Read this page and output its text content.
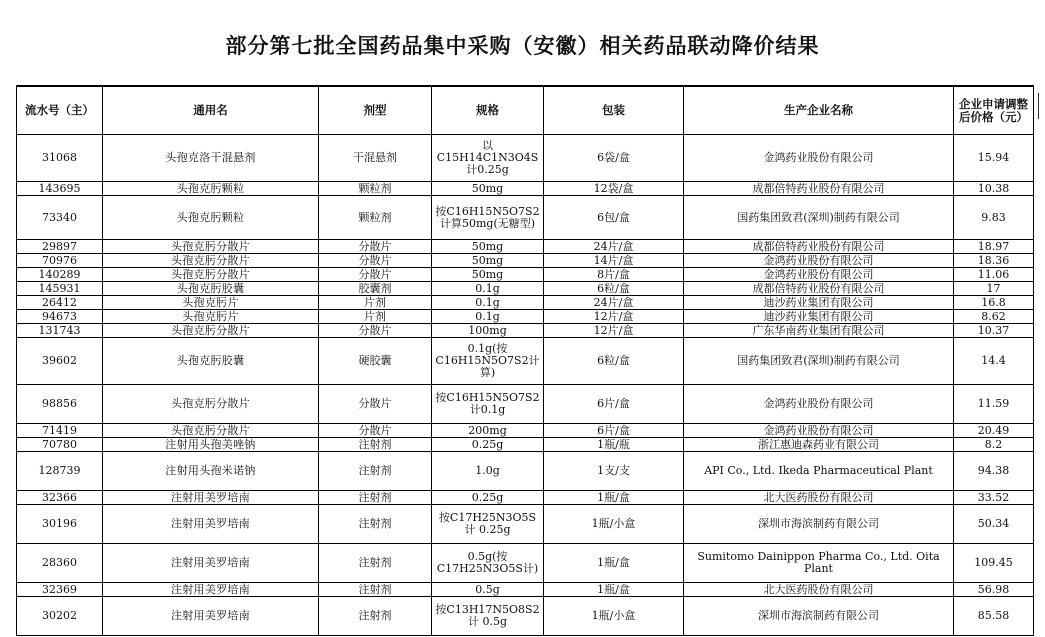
部分第七批全国药品集中采购（安徽）相关药品联动降价结果
流水号（主）	通用名	剂型	规格	包装	生产企业名称	企业申请调整后价格（元）
31068	头孢克洛干混悬剂	干混悬剂	以C15H14C1N3O4S计0.25g	6袋/盒	金鸿药业股份有限公司	15.94
143695	头孢克肟颗粒	颗粒剂	50mg	12袋/盒	成都倍特药业股份有限公司	10.38
73340	头孢克肟颗粒	颗粒剂	按C16H15N5O7S2计算50mg(无糖型)	6包/盒	国药集团致君(深圳)制药有限公司	9.83
29897	头孢克肟分散片	分散片	50mg	24片/盒	成都倍特药业股份有限公司	18.97
70976	头孢克肟分散片	分散片	50mg	14片/盒	金鸿药业股份有限公司	18.36
140289	头孢克肟分散片	分散片	50mg	8片/盒	金鸿药业股份有限公司	11.06
145931	头孢克肟胶囊	胶囊剂	0.1g	6粒/盒	成都倍特药业股份有限公司	17
26412	头孢克肟片	片剂	0.1g	24片/盒	迪沙药业集团有限公司	16.8
94673	头孢克肟片	片剂	0.1g	12片/盒	迪沙药业集团有限公司	8.62
131743	头孢克肟分散片	分散片	100mg	12片/盒	广东华南药业集团有限公司	10.37
39602	头孢克肟胶囊	硬胶囊	0.1g(按C16H15N5O7S2计算)	6粒/盒	国药集团致君(深圳)制药有限公司	14.4
98856	头孢克肟分散片	分散片	按C16H15N5O7S2计0.1g	6片/盒	金鸿药业股份有限公司	11.59
71419	头孢克肟分散片	分散片	200mg	6片/盒	金鸿药业股份有限公司	20.49
70780	注射用头孢美唑钠	注射剂	0.25g	1瓶/瓶	浙江惠迪森药业有限公司	8.2
128739	注射用头孢米诺钠	注射剂	1.0g	1支/支	API Co., Ltd. Ikeda Pharmaceutical Plant	94.38
32366	注射用美罗培南	注射剂	0.25g	1瓶/盒	北大医药股份有限公司	33.52
30196	注射用美罗培南	注射剂	按C17H25N3O5S计 0.25g	1瓶/小盒	深圳市海滨制药有限公司	50.34
28360	注射用美罗培南	注射剂	0.5g(按C17H25N3O5S计)	1瓶/盒	Sumitomo Dainippon Pharma Co., Ltd. Oita Plant	109.45
32369	注射用美罗培南	注射剂	0.5g	1瓶/盒	北大医药股份有限公司	56.98
30202	注射用美罗培南	注射剂	按C13H17N5O8S2计 0.5g	1瓶/小盒	深圳市海滨制药有限公司	85.58
